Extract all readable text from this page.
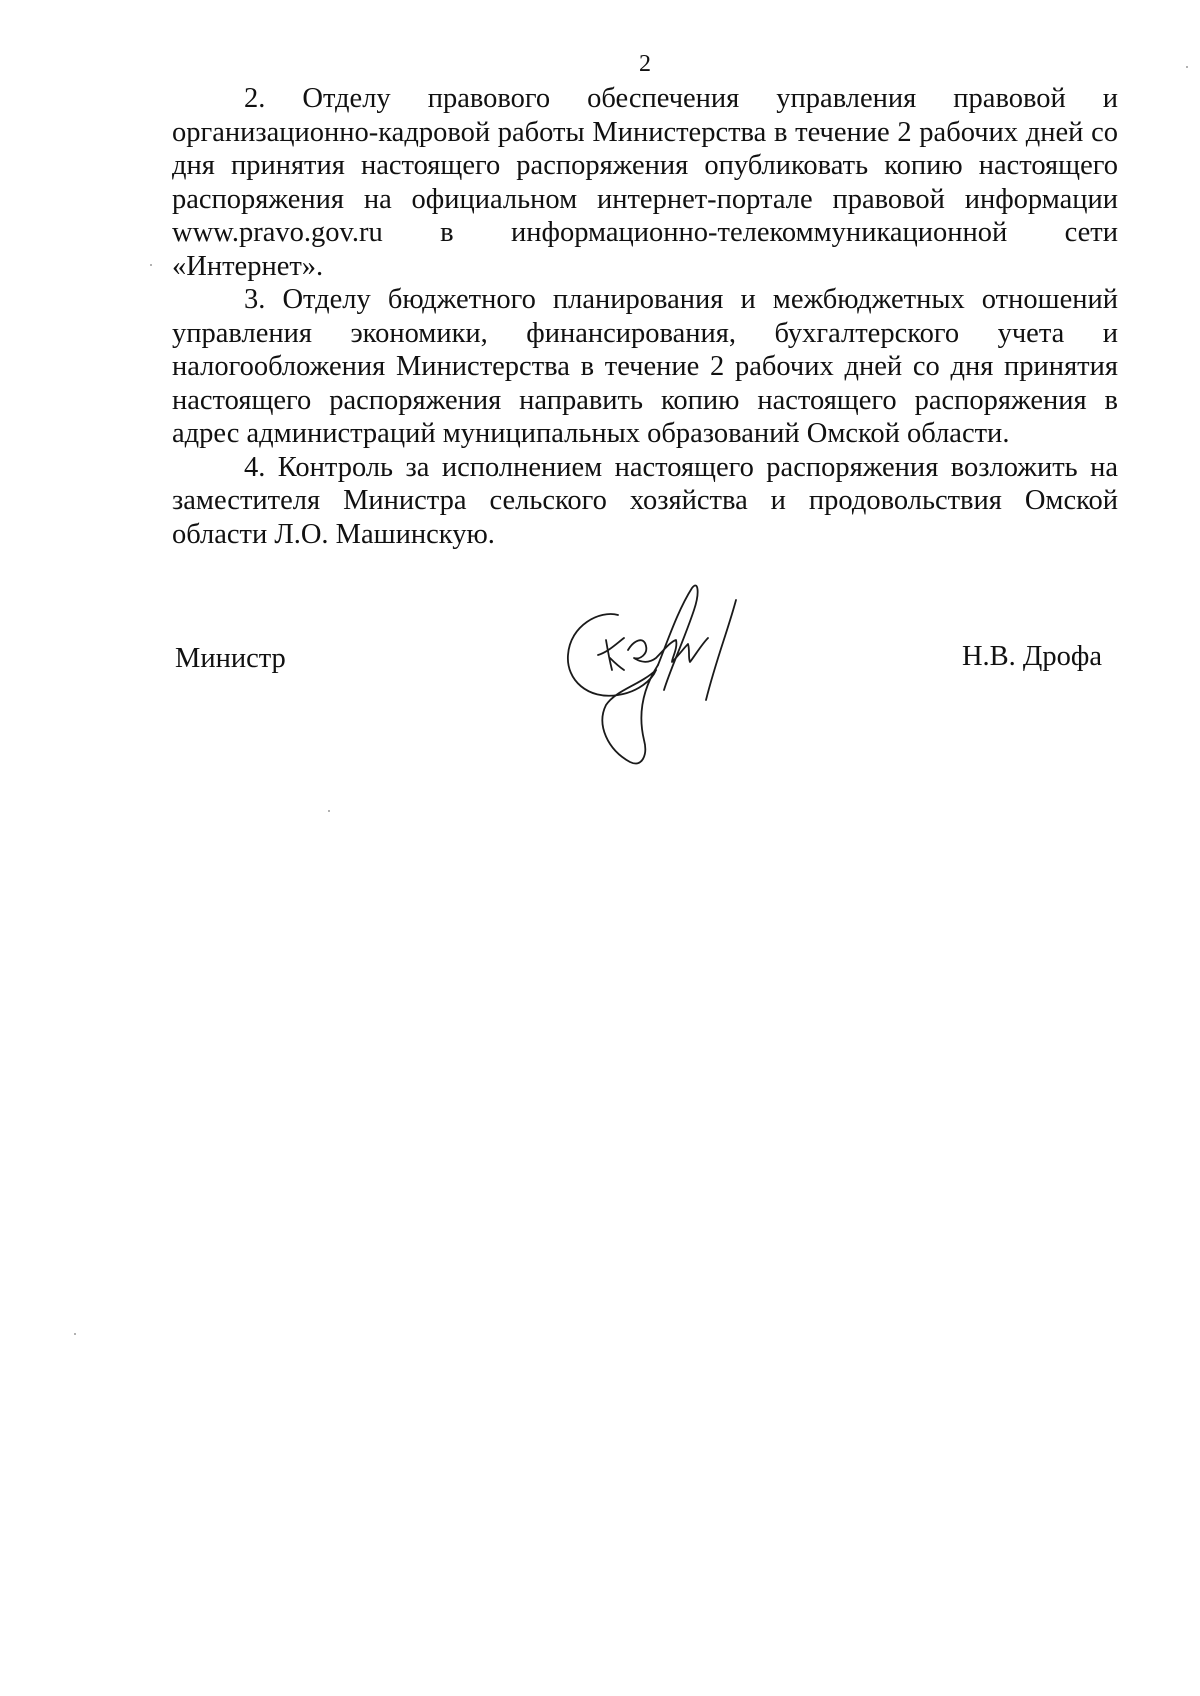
2

2. Отделу правового обеспечения управления правовой и организационно-кадровой работы Министерства в течение 2 рабочих дней со дня принятия настоящего распоряжения опубликовать копию настоящего распоряжения на официальном интернет-портале правовой информации www.pravo.gov.ru в информационно-телекоммуникационной сети «Интернет».

3. Отделу бюджетного планирования и межбюджетных отношений управления экономики, финансирования, бухгалтерского учета и налогообложения Министерства в течение 2 рабочих дней со дня принятия настоящего распоряжения направить копию настоящего распоряжения в адрес администраций муниципальных образований Омской области.

4. Контроль за исполнением настоящего распоряжения возложить на заместителя Министра сельского хозяйства и продовольствия Омской области Л.О. Машинскую.

Министр	Н.В. Дрофа
